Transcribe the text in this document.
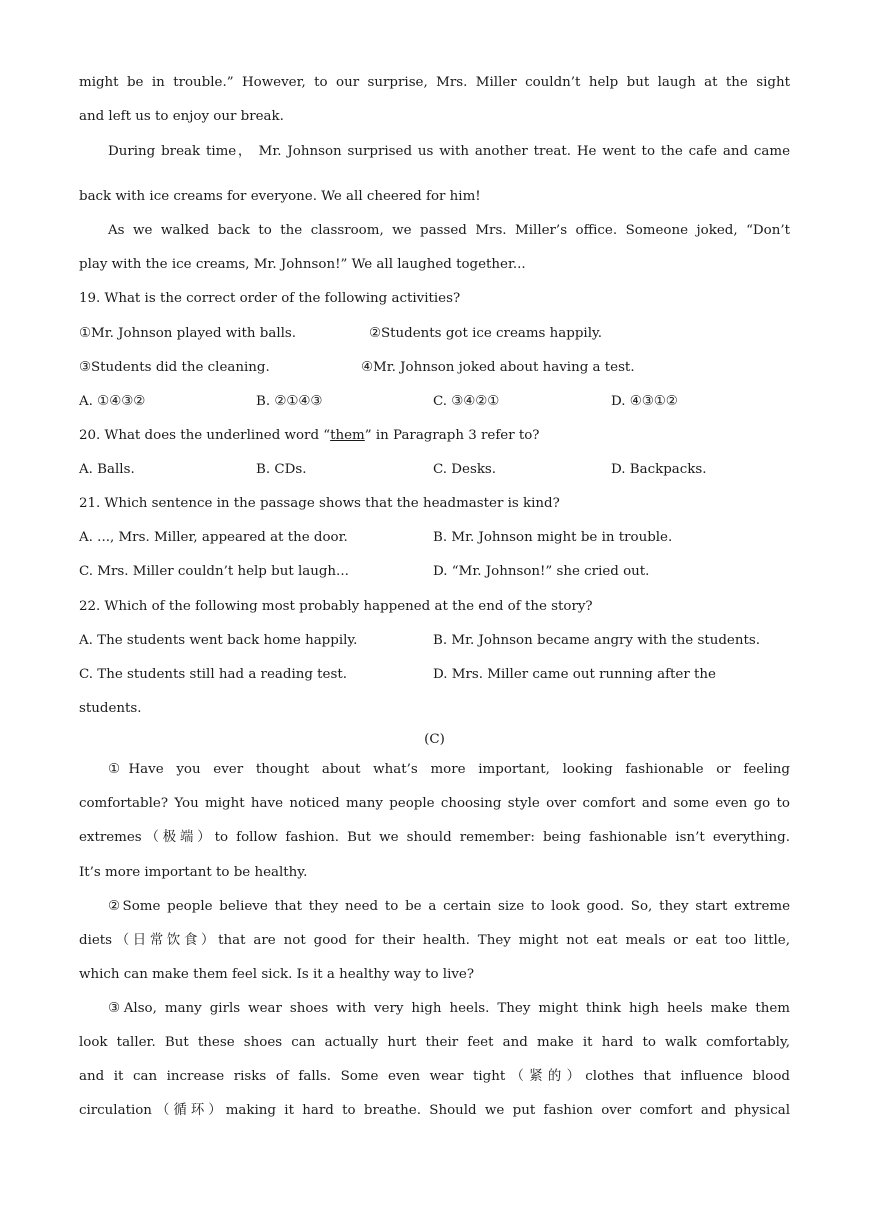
might be in trouble.” However, to our surprise, Mrs. Miller couldn’t help but laugh at the sight
and left us to enjoy our break.
During break time， Mr. Johnson surprised us with another treat. He went to the cafe and came
back with ice creams for everyone. We all cheered for him!
As we walked back to the classroom, we passed Mrs. Miller’s office. Someone joked, “Don’t
play with the ice creams, Mr. Johnson!” We all laughed together...
19. What is the correct order of the following activities?
①Mr. Johnson played with balls.	②Students got ice creams happily.
③Students did the cleaning.	④Mr. Johnson joked about having a test.
A. ①④③②	B. ②①④③	C. ③④②①	D. ④③①②
20. What does the underlined word “them” in Paragraph 3 refer to?
A. Balls.	B. CDs.	C. Desks.	D. Backpacks.
21. Which sentence in the passage shows that the headmaster is kind?
A. ..., Mrs. Miller, appeared at the door.	B. Mr. Johnson might be in trouble.
C. Mrs. Miller couldn’t help but laugh...	D. “Mr. Johnson!” she cried out.
22. Which of the following most probably happened at the end of the story?
A. The students went back home happily.	B. Mr. Johnson became angry with the students.
C. The students still had a reading test.	D. Mrs. Miller came out running after the
students.
(C)
①Have you ever thought about what’s more important, looking fashionable or feeling
comfortable? You might have noticed many people choosing style over comfort and some even go to
extremes（极端）to follow fashion. But we should remember: being fashionable isn’t everything.
It’s more important to be healthy.
②Some people believe that they need to be a certain size to look good. So, they start extreme
diets（日常饮食）that are not good for their health. They might not eat meals or eat too little,
which can make them feel sick. Is it a healthy way to live?
③Also, many girls wear shoes with very high heels. They might think high heels make them
look taller. But these shoes can actually hurt their feet and make it hard to walk comfortably,
and it can increase risks of falls. Some even wear tight（紧的）clothes that influence blood
circulation（循环）making it hard to breathe. Should we put fashion over comfort and physical
